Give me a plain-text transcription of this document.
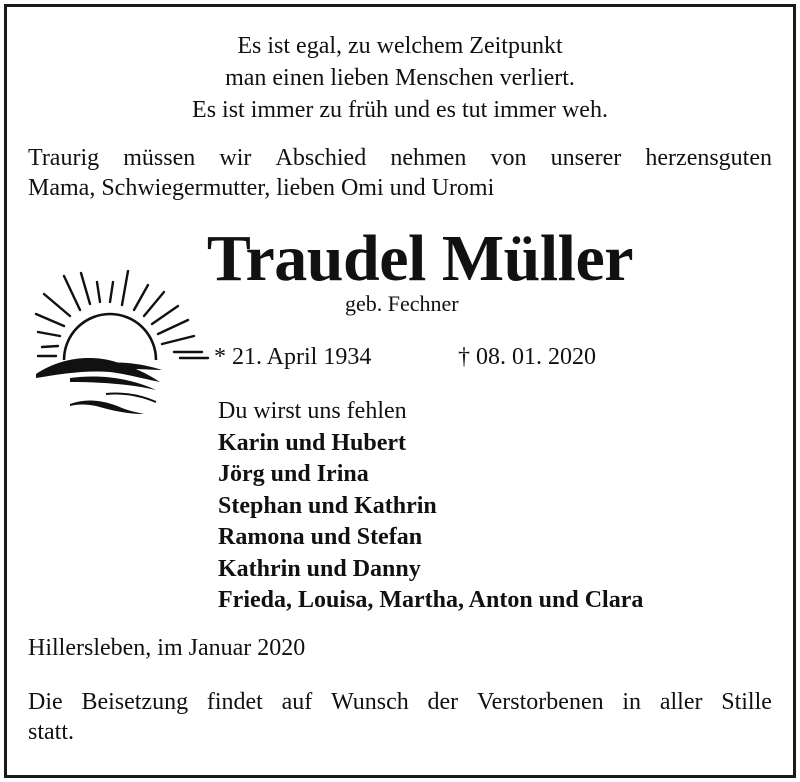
Es ist egal, zu welchem Zeitpunkt
man einen lieben Menschen verliert.
Es ist immer zu früh und es tut immer weh.
Traurig müssen wir Abschied nehmen von unserer herzensguten
Mama, Schwiegermutter, lieben Omi und Uromi
Traudel Müller
geb. Fechner
* 21. April 1934	† 08. 01. 2020
Du wirst uns fehlen
Karin und Hubert
Jörg und Irina
Stephan und Kathrin
Ramona und Stefan
Kathrin und Danny
Frieda, Louisa, Martha, Anton und Clara
Hillersleben, im Januar 2020
Die Beisetzung findet auf Wunsch der Verstorbenen in aller Stille
statt.
